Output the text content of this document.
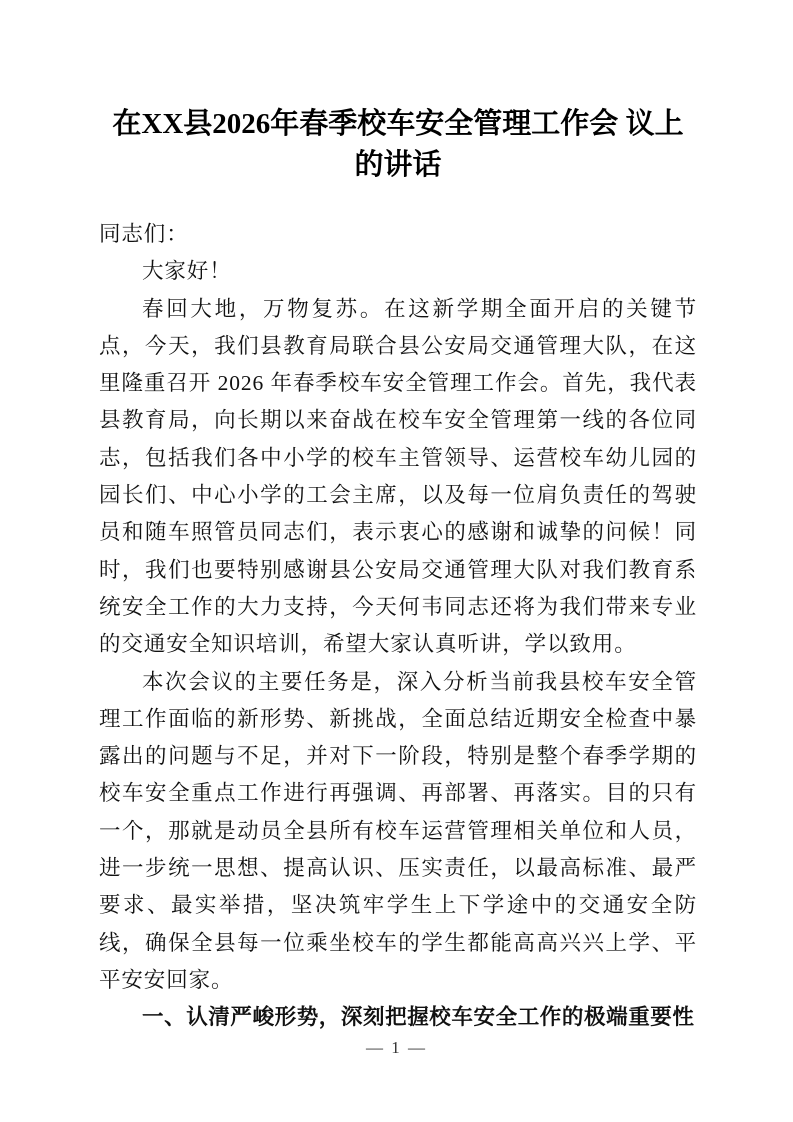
在XX县2026年春季校车安全管理工作会 议上的讲话

同志们：

大家好！

春回大地，万物复苏。在这新学期全面开启的关键节点，今天，我们县教育局联合县公安局交通管理大队，在这里隆重召开 2026 年春季校车安全管理工作会。首先，我代表县教育局，向长期以来奋战在校车安全管理第一线的各位同志，包括我们各中小学的校车主管领导、运营校车幼儿园的园长们、中心小学的工会主席，以及每一位肩负责任的驾驶员和随车照管员同志们，表示衷心的感谢和诚挚的问候！同时，我们也要特别感谢县公安局交通管理大队对我们教育系统安全工作的大力支持，今天何韦同志还将为我们带来专业的交通安全知识培训，希望大家认真听讲，学以致用。

本次会议的主要任务是，深入分析当前我县校车安全管理工作面临的新形势、新挑战，全面总结近期安全检查中暴露出的问题与不足，并对下一阶段，特别是整个春季学期的校车安全重点工作进行再强调、再部署、再落实。目的只有一个，那就是动员全县所有校车运营管理相关单位和人员，进一步统一思想、提高认识、压实责任，以最高标准、最严要求、最实举措，坚决筑牢学生上下学途中的交通安全防线，确保全县每一位乘坐校车的学生都能高高兴兴上学、平平安安回家。

一、认清严峻形势，深刻把握校车安全工作的极端重要性

— 1 —
